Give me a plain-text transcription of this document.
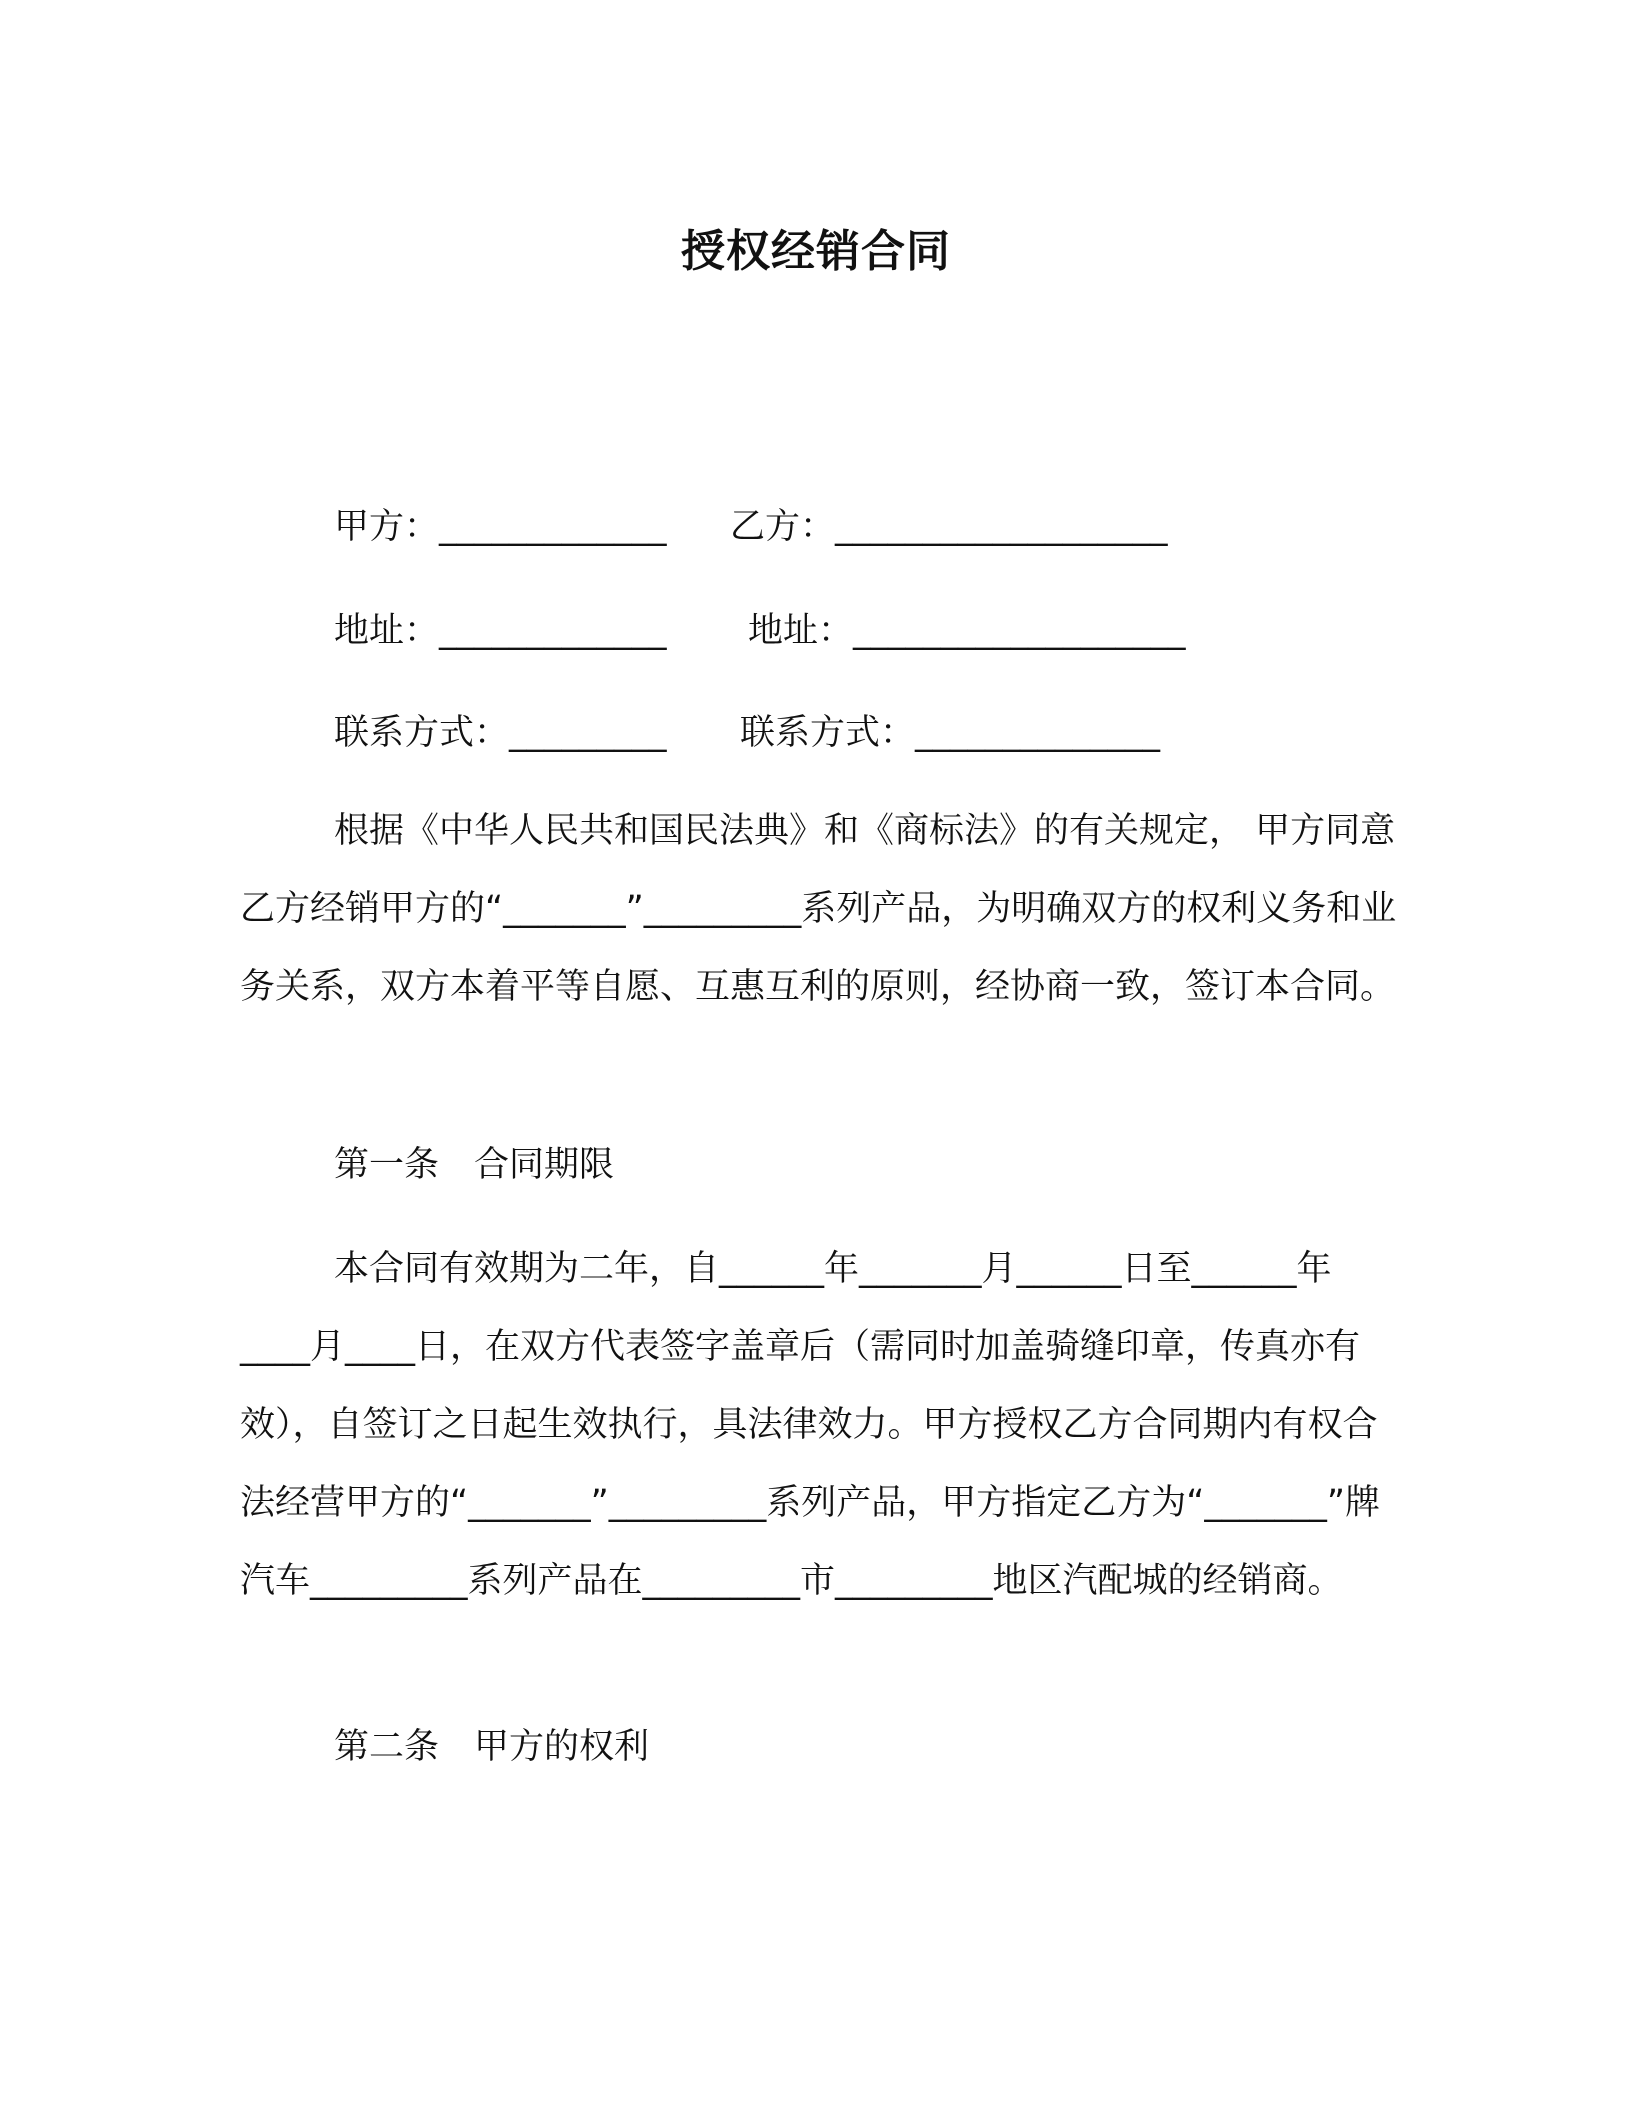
授权经销合同
甲方：_____________ 乙方：___________________
地址：_____________ 地址：___________________
联系方式：_________ 联系方式：______________
根据《中华人民共和国民法典》和《商标法》的有关规定， 甲方同意乙方经销甲方的“_______”_________系列产品，为明确双方的权利义务和业务关系，双方本着平等自愿、互惠互利的原则，经协商一致，签订本合同。
第一条　合同期限
本合同有效期为二年，自______年_______月______日至______年____月____日，在双方代表签字盖章后（需同时加盖骑缝印章，传真亦有效），自签订之日起生效执行，具法律效力。甲方授权乙方合同期内有权合法经营甲方的“_______”_________系列产品，甲方指定乙方为“_______”牌汽车_________系列产品在_________市_________地区汽配城的经销商。
第二条　甲方的权利
